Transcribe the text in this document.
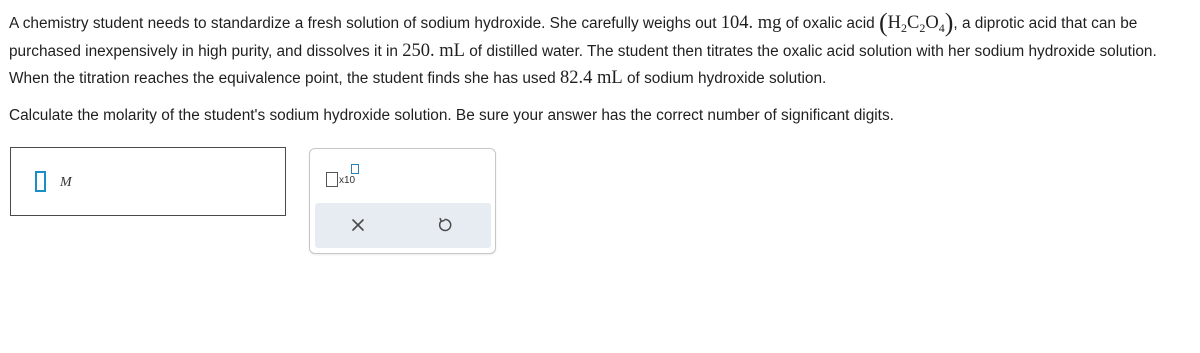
A chemistry student needs to standardize a fresh solution of sodium hydroxide. She carefully weighs out 104. mg of oxalic acid $(H_2C_2O_4)$, a diprotic acid that can be purchased inexpensively in high purity, and dissolves it in 250. mL of distilled water. The student then titrates the oxalic acid solution with her sodium hydroxide solution. When the titration reaches the equivalence point, the student finds she has used 82.4 mL of sodium hydroxide solution.

Calculate the molarity of the student's sodium hydroxide solution. Be sure your answer has the correct number of significant digits.

M	x10
